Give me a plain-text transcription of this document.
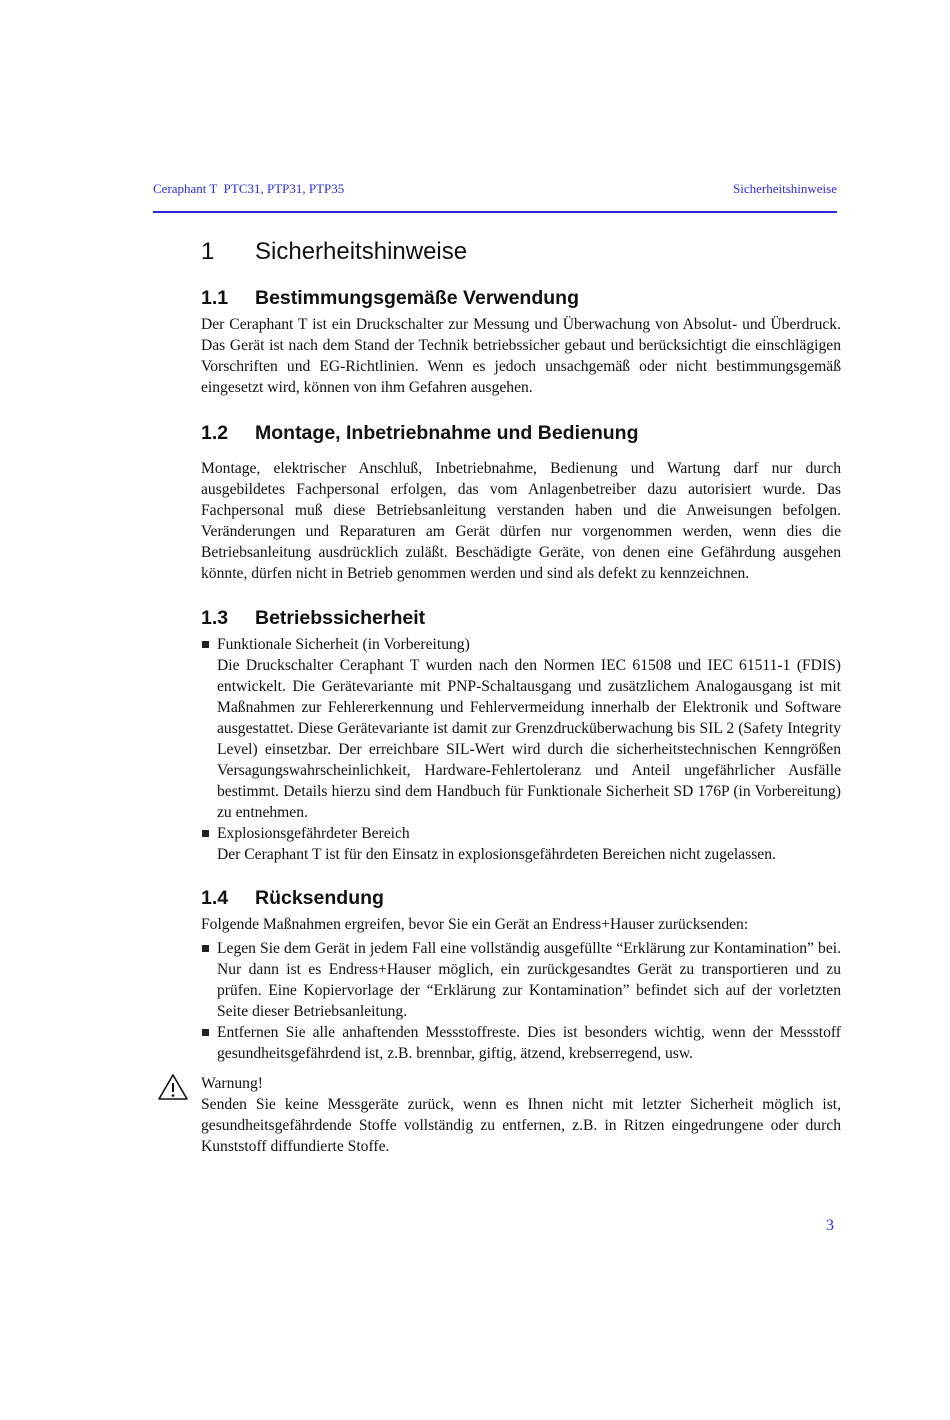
Ceraphant T  PTC31, PTP31, PTP35	Sicherheitshinweise
1 Sicherheitshinweise
1.1 Bestimmungsgemäße Verwendung

Der Ceraphant T ist ein Druckschalter zur Messung und Überwachung von Absolut- und Überdruck. Das Gerät ist nach dem Stand der Technik betriebssicher gebaut und berücksichtigt die einschlägigen Vorschriften und EG-Richtlinien. Wenn es jedoch unsachgemäß oder nicht bestimmungsgemäß eingesetzt wird, können von ihm Gefahren ausgehen.

1.2 Montage, Inbetriebnahme und Bedienung

Montage, elektrischer Anschluß, Inbetriebnahme, Bedienung und Wartung darf nur durch ausgebildetes Fachpersonal erfolgen, das vom Anlagenbetreiber dazu autorisiert wurde. Das Fachpersonal muß diese Betriebsanleitung verstanden haben und die Anweisungen befolgen. Veränderungen und Reparaturen am Gerät dürfen nur vorgenommen werden, wenn dies die Betriebsanleitung ausdrücklich zuläßt. Beschädigte Geräte, von denen eine Gefährdung ausgehen könnte, dürfen nicht in Betrieb genommen werden und sind als defekt zu kennzeichnen.

1.3 Betriebssicherheit
Funktionale Sicherheit (in Vorbereitung)
Die Druckschalter Ceraphant T wurden nach den Normen IEC 61508 und IEC 61511-1 (FDIS) entwickelt. Die Gerätevariante mit PNP-Schaltausgang und zusätzlichem Analogausgang ist mit Maßnahmen zur Fehlererkennung und Fehlervermeidung innerhalb der Elektronik und Software ausgestattet. Diese Gerätevariante ist damit zur Grenzdrucküberwachung bis SIL 2 (Safety Integrity Level) einsetzbar. Der erreichbare SIL-Wert wird durch die sicherheitstechnischen Kenngrößen Versagungswahrscheinlichkeit, Hardware-Fehlertoleranz und Anteil ungefährlicher Ausfälle bestimmt. Details hierzu sind dem Handbuch für Funktionale Sicherheit SD 176P (in Vorbereitung) zu entnehmen.
Explosionsgefährdeter Bereich
Der Ceraphant T ist für den Einsatz in explosionsgefährdeten Bereichen nicht zugelassen.
1.4 Rücksendung

Folgende Maßnahmen ergreifen, bevor Sie ein Gerät an Endress+Hauser zurücksenden:

Legen Sie dem Gerät in jedem Fall eine vollständig ausgefüllte “Erklärung zur Kontamination” bei. Nur dann ist es Endress+Hauser möglich, ein zurückgesandtes Gerät zu transportieren und zu prüfen. Eine Kopiervorlage der “Erklärung zur Kontamination” befindet sich auf der vorletzten Seite dieser Betriebsanleitung.
Entfernen Sie alle anhaftenden Messstoffreste. Dies ist besonders wichtig, wenn der Messstoff gesundheitsgefährdend ist, z.B. brennbar, giftig, ätzend, krebserregend, usw.
Warnung!
Senden Sie keine Messgeräte zurück, wenn es Ihnen nicht mit letzter Sicherheit möglich ist, gesundheitsgefährdende Stoffe vollständig zu entfernen, z.B. in Ritzen eingedrungene oder durch Kunststoff diffundierte Stoffe.
3
